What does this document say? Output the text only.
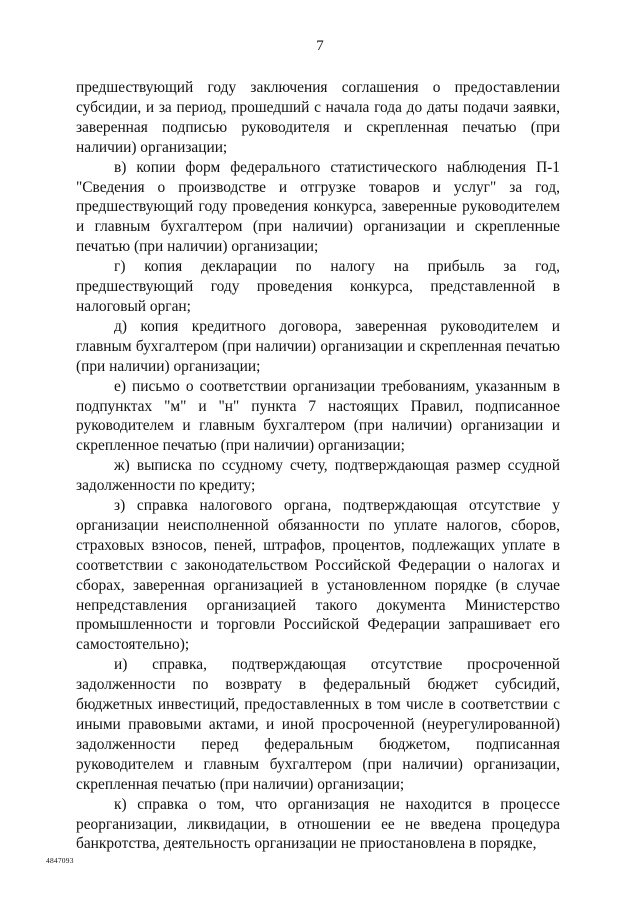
7

предшествующий году заключения соглашения о предоставлении субсидии, и за период, прошедший с начала года до даты подачи заявки, заверенная подписью руководителя и скрепленная печатью (при наличии) организации;

в) копии форм федерального статистического наблюдения П-1 "Сведения о производстве и отгрузке товаров и услуг" за год, предшествующий году проведения конкурса, заверенные руководителем и главным бухгалтером (при наличии) организации и скрепленные печатью (при наличии) организации;

г) копия декларации по налогу на прибыль за год, предшествующий году проведения конкурса, представленной в налоговый орган;

д) копия кредитного договора, заверенная руководителем и главным бухгалтером (при наличии) организации и скрепленная печатью (при наличии) организации;

е) письмо о соответствии организации требованиям, указанным в подпунктах "м" и "н" пункта 7 настоящих Правил, подписанное руководителем и главным бухгалтером (при наличии) организации и скрепленное печатью (при наличии) организации;

ж) выписка по ссудному счету, подтверждающая размер ссудной задолженности по кредиту;

з) справка налогового органа, подтверждающая отсутствие у организации неисполненной обязанности по уплате налогов, сборов, страховых взносов, пеней, штрафов, процентов, подлежащих уплате в соответствии с законодательством Российской Федерации о налогах и сборах, заверенная организацией в установленном порядке (в случае непредставления организацией такого документа Министерство промышленности и торговли Российской Федерации запрашивает его самостоятельно);

и) справка, подтверждающая отсутствие просроченной задолженности по возврату в федеральный бюджет субсидий, бюджетных инвестиций, предоставленных в том числе в соответствии с иными правовыми актами, и иной просроченной (неурегулированной) задолженности перед федеральным бюджетом, подписанная руководителем и главным бухгалтером (при наличии) организации, скрепленная печатью (при наличии) организации;

к) справка о том, что организация не находится в процессе реорганизации, ликвидации, в отношении ее не введена процедура банкротства, деятельность организации не приостановлена в порядке,

4847093
